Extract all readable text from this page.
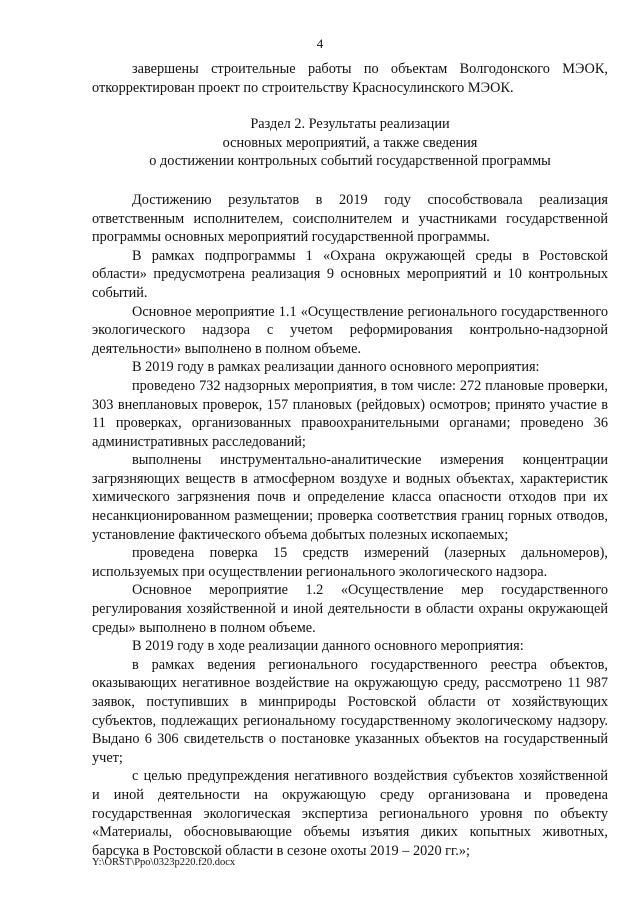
4

завершены строительные работы по объектам Волгодонского МЭОК, откорректирован проект по строительству Красносулинского МЭОК.

Раздел 2. Результаты реализации
основных мероприятий, а также сведения
о достижении контрольных событий государственной программы

Достижению результатов в 2019 году способствовала реализация ответственным исполнителем, соисполнителем и участниками государственной программы основных мероприятий государственной программы.

В рамках подпрограммы 1 «Охрана окружающей среды в Ростовской области» предусмотрена реализация 9 основных мероприятий и 10 контрольных событий.

Основное мероприятие 1.1 «Осуществление регионального государственного экологического надзора с учетом реформирования контрольно-надзорной деятельности» выполнено в полном объеме.

В 2019 году в рамках реализации данного основного мероприятия:

проведено 732 надзорных мероприятия, в том числе: 272 плановые проверки, 303 внеплановых проверок, 157 плановых (рейдовых) осмотров; принято участие в 11 проверках, организованных правоохранительными органами; проведено 36 административных расследований;

выполнены инструментально-аналитические измерения концентрации загрязняющих веществ в атмосферном воздухе и водных объектах, характеристик химического загрязнения почв и определение класса опасности отходов при их несанкционированном размещении; проверка соответствия границ горных отводов, установление фактического объема добытых полезных ископаемых;

проведена поверка 15 средств измерений (лазерных дальномеров), используемых при осуществлении регионального экологического надзора.

Основное мероприятие 1.2 «Осуществление мер государственного регулирования хозяйственной и иной деятельности в области охраны окружающей среды» выполнено в полном объеме.

В 2019 году в ходе реализации данного основного мероприятия:

в рамках ведения регионального государственного реестра объектов, оказывающих негативное воздействие на окружающую среду, рассмотрено 11 987 заявок, поступивших в минприроды Ростовской области от хозяйствующих субъектов, подлежащих региональному государственному экологическому надзору. Выдано 6 306 свидетельств о постановке указанных объектов на государственный учет;

с целью предупреждения негативного воздействия субъектов хозяйственной и иной деятельности на окружающую среду организована и проведена государственная экологическая экспертиза регионального уровня по объекту «Материалы, обосновывающие объемы изъятия диких копытных животных, барсука в Ростовской области в сезоне охоты 2019 – 2020 гг.»;

Y:\ORST\Ppo\0323p220.f20.docx
